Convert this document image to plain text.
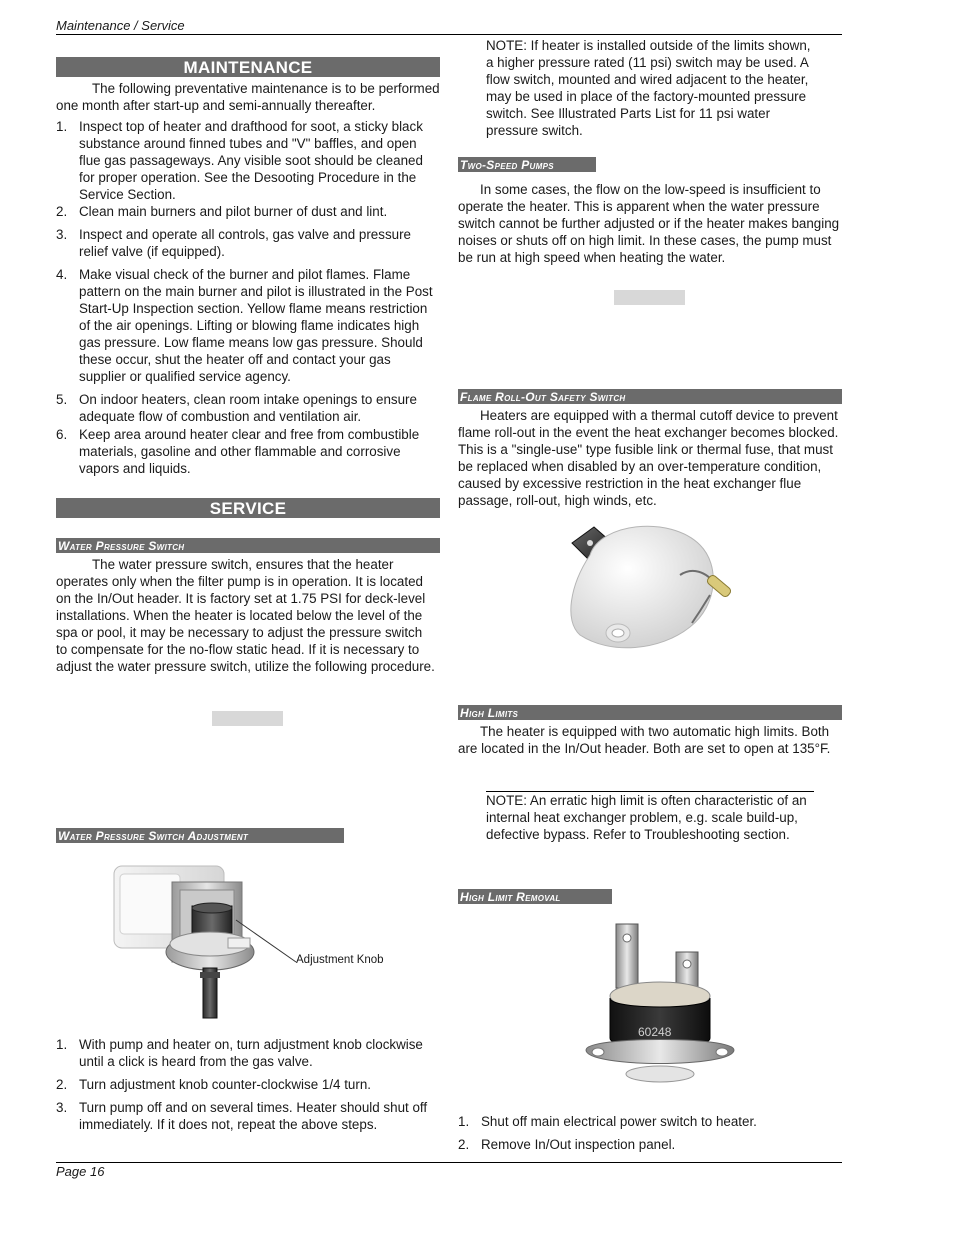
Maintenance / Service
MAINTENANCE

The following preventative maintenance is to be performed one month after start-up and semi-annually thereafter.

1. Inspect top of heater and drafthood for soot, a sticky black substance around finned tubes and "V" baffles, and open flue gas passageways. Any visible soot should be cleaned for proper operation. See the Desooting Procedure in the Service Section.
2. Clean main burners and pilot burner of dust and lint.
3. Inspect and operate all controls, gas valve and pressure relief valve (if equipped).
4. Make visual check of the burner and pilot flames. Flame pattern on the main burner and pilot is illustrated in the Post Start-Up Inspection section. Yellow flame means restriction of the air openings. Lifting or blowing flame indicates high gas pressure. Low flame means low gas pressure. Should these occur, shut the heater off and contact your gas supplier or qualified service agency.
5. On indoor heaters, clean room intake openings to ensure adequate flow of combustion and ventilation air.
6. Keep area around heater clear and free from combustible materials, gasoline and other flammable and corrosive vapors and liquids.
SERVICE
Water Pressure Switch

The water pressure switch, ensures that the heater operates only when the filter pump is in operation. It is located on the In/Out header. It is factory set at 1.75 PSI for deck-level installations. When the heater is located below the level of the spa or pool, it may be necessary to adjust the pressure switch to compensate for the no-flow static head. If it is necessary to adjust the water pressure switch, utilize the following procedure.

Water Pressure Switch Adjustment
Adjustment Knob
1. With pump and heater on, turn adjustment knob clockwise until a click is heard from the gas valve.
2. Turn adjustment knob counter-clockwise 1/4 turn.
3. Turn pump off and on several times. Heater should shut off immediately. If it does not, repeat the above steps.

NOTE: If heater is installed outside of the limits shown, a higher pressure rated (11 psi) switch may be used. A flow switch, mounted and wired adjacent to the heater, may be used in place of the factory-mounted pressure switch. See Illustrated Parts List for 11 psi water pressure switch.

Two-Speed Pumps

In some cases, the flow on the low-speed is insufficient to operate the heater. This is apparent when the water pressure switch cannot be further adjusted or if the heater makes banging noises or shuts off on high limit. In these cases, the pump must be run at high speed when heating the water.

Flame Roll-Out Safety Switch

Heaters are equipped with a thermal cutoff device to prevent flame roll-out in the event the heat exchanger becomes blocked. This is a "single-use" type fusible link or thermal fuse, that must be replaced when disabled by an over-temperature condition, caused by excessive restriction in the heat exchanger flue passage, roll-out, high winds, etc.

High Limits

The heater is equipped with two automatic high limits. Both are located in the In/Out header. Both are set to open at 135°F.

NOTE: An erratic high limit is often characteristic of an internal heat exchanger problem, e.g. scale build-up, defective bypass. Refer to Troubleshooting section.

High Limit Removal
60248
1. Shut off main electrical power switch to heater.
2. Remove In/Out inspection panel.
Page 16
